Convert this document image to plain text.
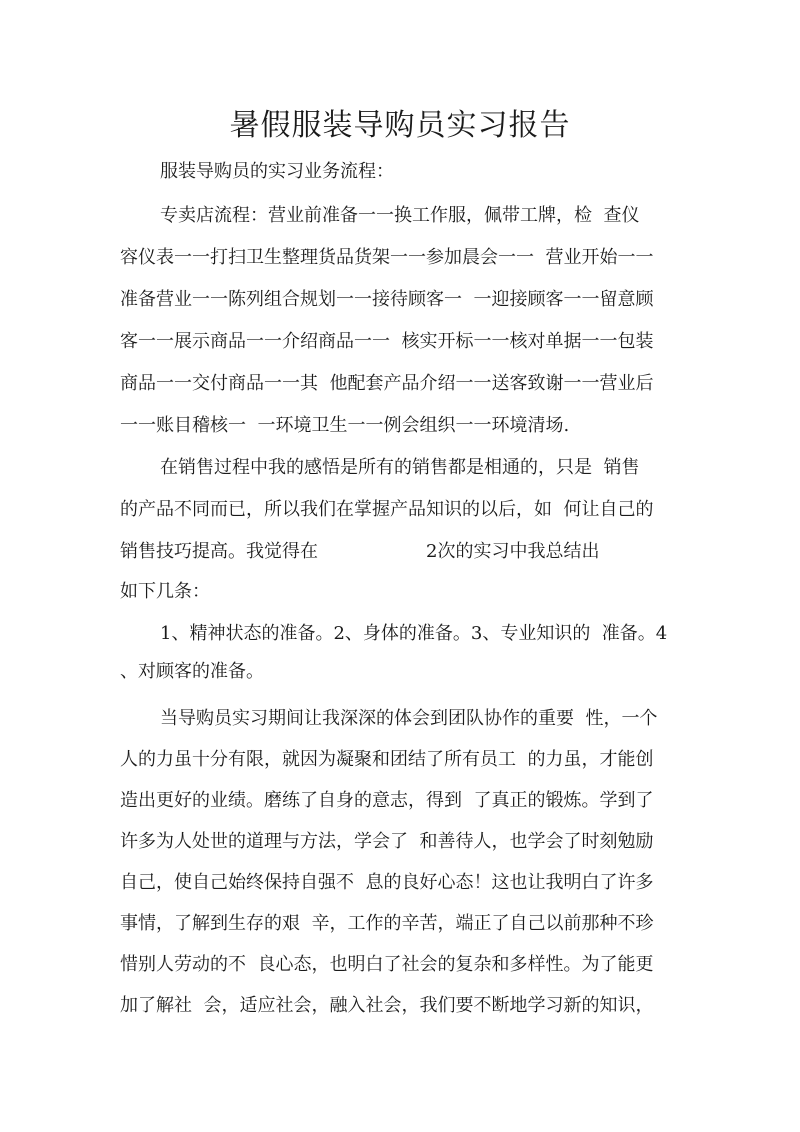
暑假服装导购员实习报告
服装导购员的实习业务流程：
专卖店流程：营业前准备一一换工作服，佩带工牌，检  查仪
容仪表一一打扫卫生整理货品货架一一参加晨会一一  营业开始一一
准备营业一一陈列组合规划一一接待顾客一  一迎接顾客一一留意顾
客一一展示商品一一介绍商品一一  核实开标一一核对单据一一包装
商品一一交付商品一一其  他配套产品介绍一一送客致谢一一营业后
一一账目稽核一  一环境卫生一一例会组织一一环境清场.
在销售过程中我的感悟是所有的销售都是相通的，只是  销售
的产品不同而已，所以我们在掌握产品知识的以后，如  何让自己的
销售技巧提高。我觉得在	2次的实习中我总结出
如下几条：
1、精神状态的准备。2、身体的准备。3、专业知识的  准备。4
、对顾客的准备。
当导购员实习期间让我深深的体会到团队协作的重要  性，一个
人的力虽十分有限，就因为凝聚和团结了所有员工  的力虽，才能创
造出更好的业绩。磨练了自身的意志，得到  了真正的锻炼。学到了
许多为人处世的道理与方法，学会了  和善待人，也学会了时刻勉励
自己，使自己始终保持自强不  息的良好心态！这也让我明白了许多
事情，了解到生存的艰  辛，工作的辛苦，端正了自己以前那种不珍
惜别人劳动的不  良心态，也明白了社会的复杂和多样性。为了能更
加了解社  会，适应社会，融入社会，我们要不断地学习新的知识，
